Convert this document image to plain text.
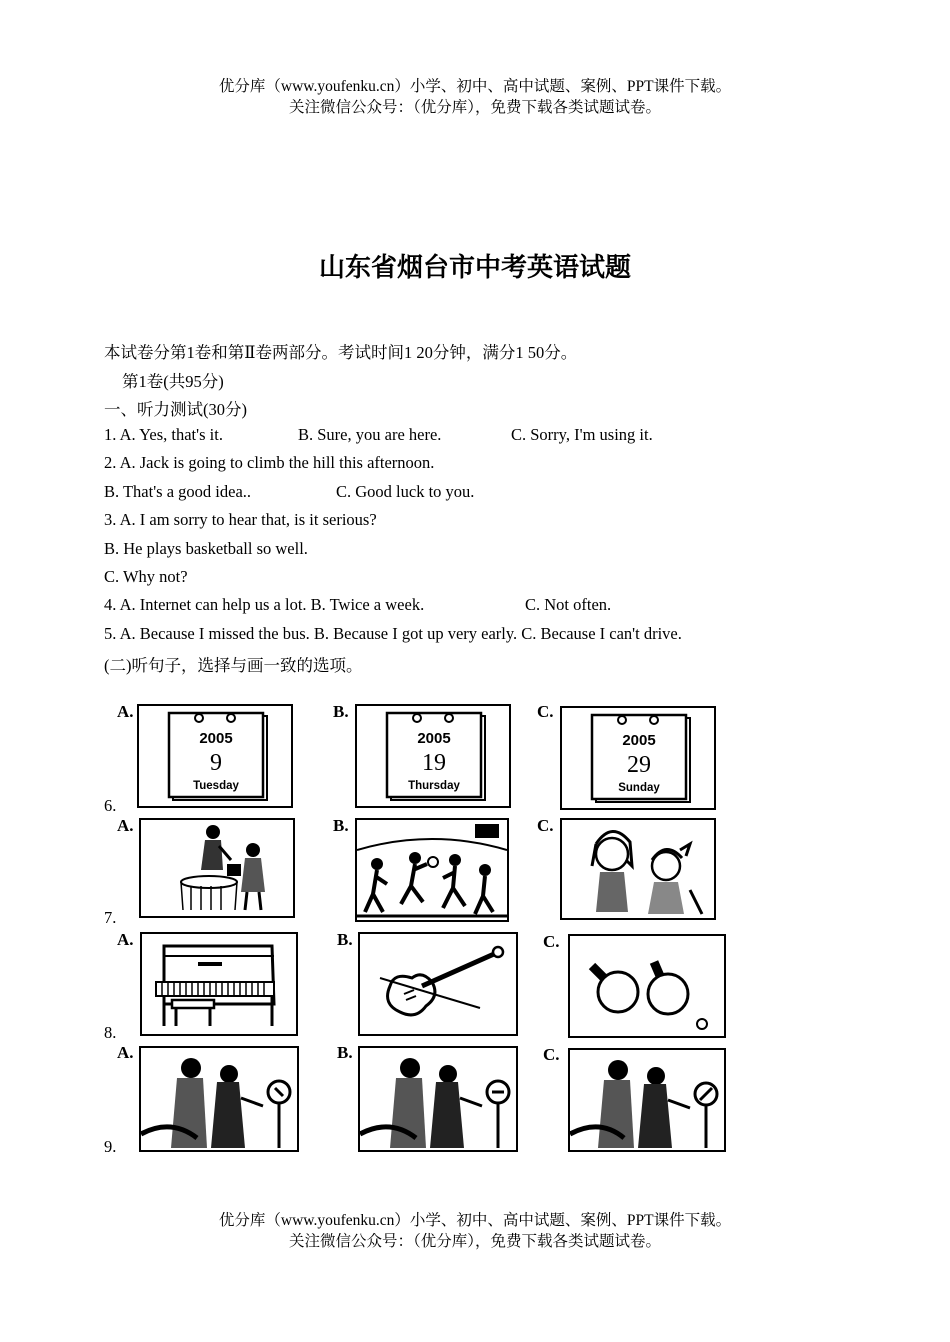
优分库（www.youfenku.cn）小学、初中、高中试题、案例、PPT课件下载。
关注微信公众号：（优分库），免费下载各类试题试卷。
山东省烟台市中考英语试题
本试卷分第1卷和第Ⅱ卷两部分。考试时间1 20分钟，满分1 50分。
第1卷(共95分)
一、听力测试(30分)
1. A. Yes, that's it.	B. Sure, you are here.	C. Sorry, I'm using it.
2. A. Jack is going to climb the hill this afternoon.
B. That's a good idea..	C. Good luck to you.
3. A. I am sorry to hear that, is it serious?
B. He plays basketball so well.
C. Why not?
4. A. Internet can help us a lot. B. Twice a week.	C. Not often.
5. A. Because I missed the bus. B. Because I got up very early. C. Because I can't drive.
(二)听句子，选择与画一致的选项。
A.	B.	C.
2005
9
Tuesday
2005
19
Thursday
2005
29
Sunday
6.
A.	B.	C.
7.
A.	B.	C.
8.
A.	B.	C.
9.
优分库（www.youfenku.cn）小学、初中、高中试题、案例、PPT课件下载。
关注微信公众号：（优分库），免费下载各类试题试卷。
